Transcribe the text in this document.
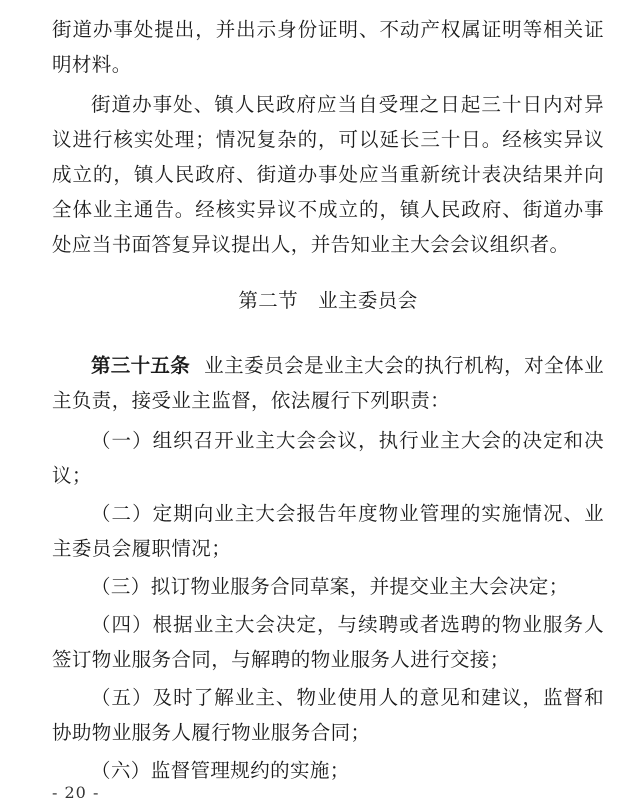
街道办事处提出，并出示身份证明、不动产权属证明等相关证明材料。

街道办事处、镇人民政府应当自受理之日起三十日内对异议进行核实处理；情况复杂的，可以延长三十日。经核实异议成立的，镇人民政府、街道办事处应当重新统计表决结果并向全体业主通告。经核实异议不成立的，镇人民政府、街道办事处应当书面答复异议提出人，并告知业主大会会议组织者。

第二节 业主委员会

第三十五条 业主委员会是业主大会的执行机构，对全体业主负责，接受业主监督，依法履行下列职责：

（一）组织召开业主大会会议，执行业主大会的决定和决议；

（二）定期向业主大会报告年度物业管理的实施情况、业主委员会履职情况；

（三）拟订物业服务合同草案，并提交业主大会决定；

（四）根据业主大会决定，与续聘或者选聘的物业服务人签订物业服务合同，与解聘的物业服务人进行交接；

（五）及时了解业主、物业使用人的意见和建议，监督和协助物业服务人履行物业服务合同；

（六）监督管理规约的实施；

- 20 -
